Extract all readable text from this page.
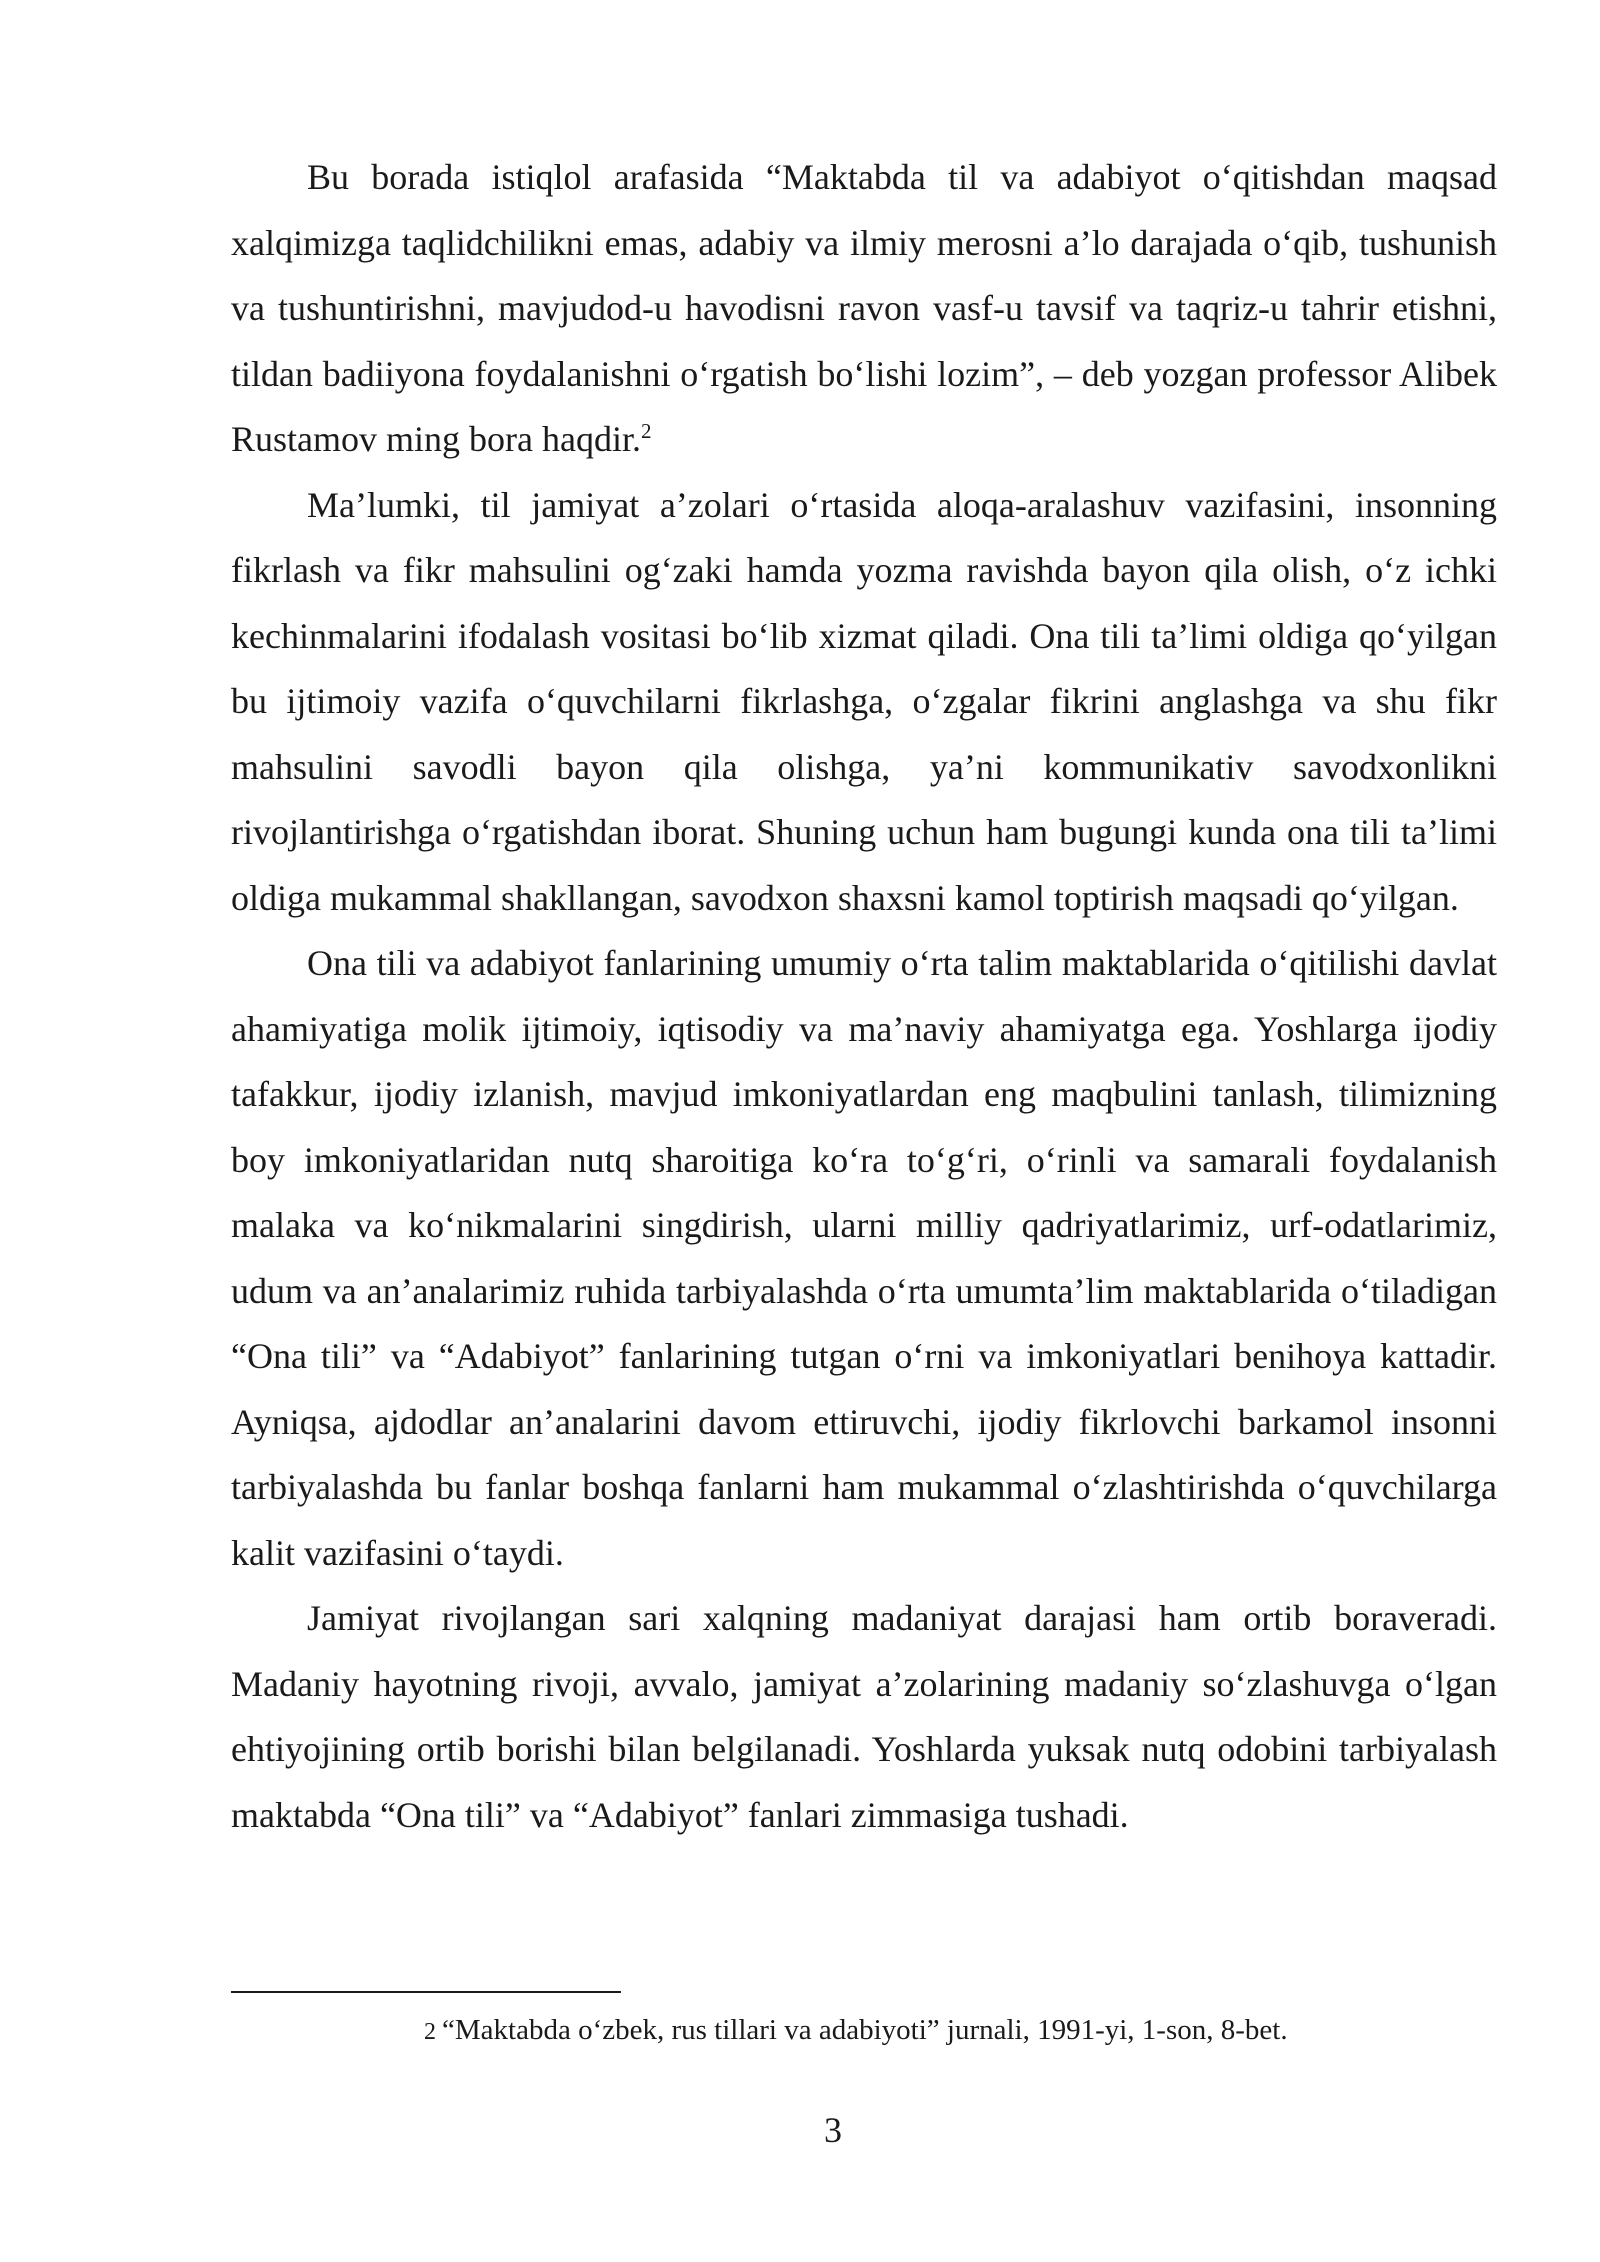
Bu borada istiqlol arafasida “Maktabda til va adabiyot o‘qitishdan maqsad xalqimizga taqlidchilikni emas, adabiy va ilmiy merosni a’lo darajada o‘qib, tushunish va tushuntirishni, mavjudod-u havodisni ravon vasf-u tavsif va taqriz-u tahrir etishni, tildan badiiyona foydalanishni o‘rgatish bo‘lishi lozim”, – deb yozgan professor Alibek Rustamov ming bora haqdir.$^2$

Ma’lumki, til jamiyat a’zolari o‘rtasida aloqa-aralashuv vazifasini, insonning fikrlash va fikr mahsulini og‘zaki hamda yozma ravishda bayon qila olish, o‘z ichki kechinmalarini ifodalash vositasi bo‘lib xizmat qiladi. Ona tili ta’limi oldiga qo‘yilgan bu ijtimoiy vazifa o‘quvchilarni fikrlashga, o‘zgalar fikrini anglashga va shu fikr mahsulini savodli bayon qila olishga, ya’ni kommunikativ savodxonlikni rivojlantirishga o‘rgatishdan iborat. Shuning uchun ham bugungi kunda ona tili ta’limi oldiga mukammal shakllangan, savodxon shaxsni kamol toptirish maqsadi qo‘yilgan.

Ona tili va adabiyot fanlarining umumiy o‘rta talim maktablarida o‘qitilishi davlat ahamiyatiga molik ijtimoiy, iqtisodiy va ma’naviy ahamiyatga ega. Yoshlarga ijodiy tafakkur, ijodiy izlanish, mavjud imkoniyatlardan eng maqbulini tanlash, tilimizning boy imkoniyatlaridan nutq sharoitiga ko‘ra to‘g‘ri, o‘rinli va samarali foydalanish malaka va ko‘nikmalarini singdirish, ularni milliy qadriyatlarimiz, urf-odatlarimiz, udum va an’analarimiz ruhida tarbiyalashda o‘rta umumta’lim maktablarida o‘tiladigan “Ona tili” va “Adabiyot” fanlarining tutgan o‘rni va imkoniyatlari benihoya kattadir. Ayniqsa, ajdodlar an’analarini davom ettiruvchi, ijodiy fikrlovchi barkamol insonni tarbiyalashda bu fanlar boshqa fanlarni ham mukammal o‘zlashtirishda o‘quvchilarga kalit vazifasini o‘taydi.

Jamiyat rivojlangan sari xalqning madaniyat darajasi ham ortib boraveradi. Madaniy hayotning rivoji, avvalo, jamiyat a’zolarining madaniy so‘zlashuvga o‘lgan ehtiyojining ortib borishi bilan belgilanadi. Yoshlarda yuksak nutq odobini tarbiyalash maktabda “Ona tili” va “Adabiyot” fanlari zimmasiga tushadi.

2 “Maktabda o‘zbek, rus tillari va adabiyoti” jurnali, 1991-yi, 1-son, 8-bet.
3
